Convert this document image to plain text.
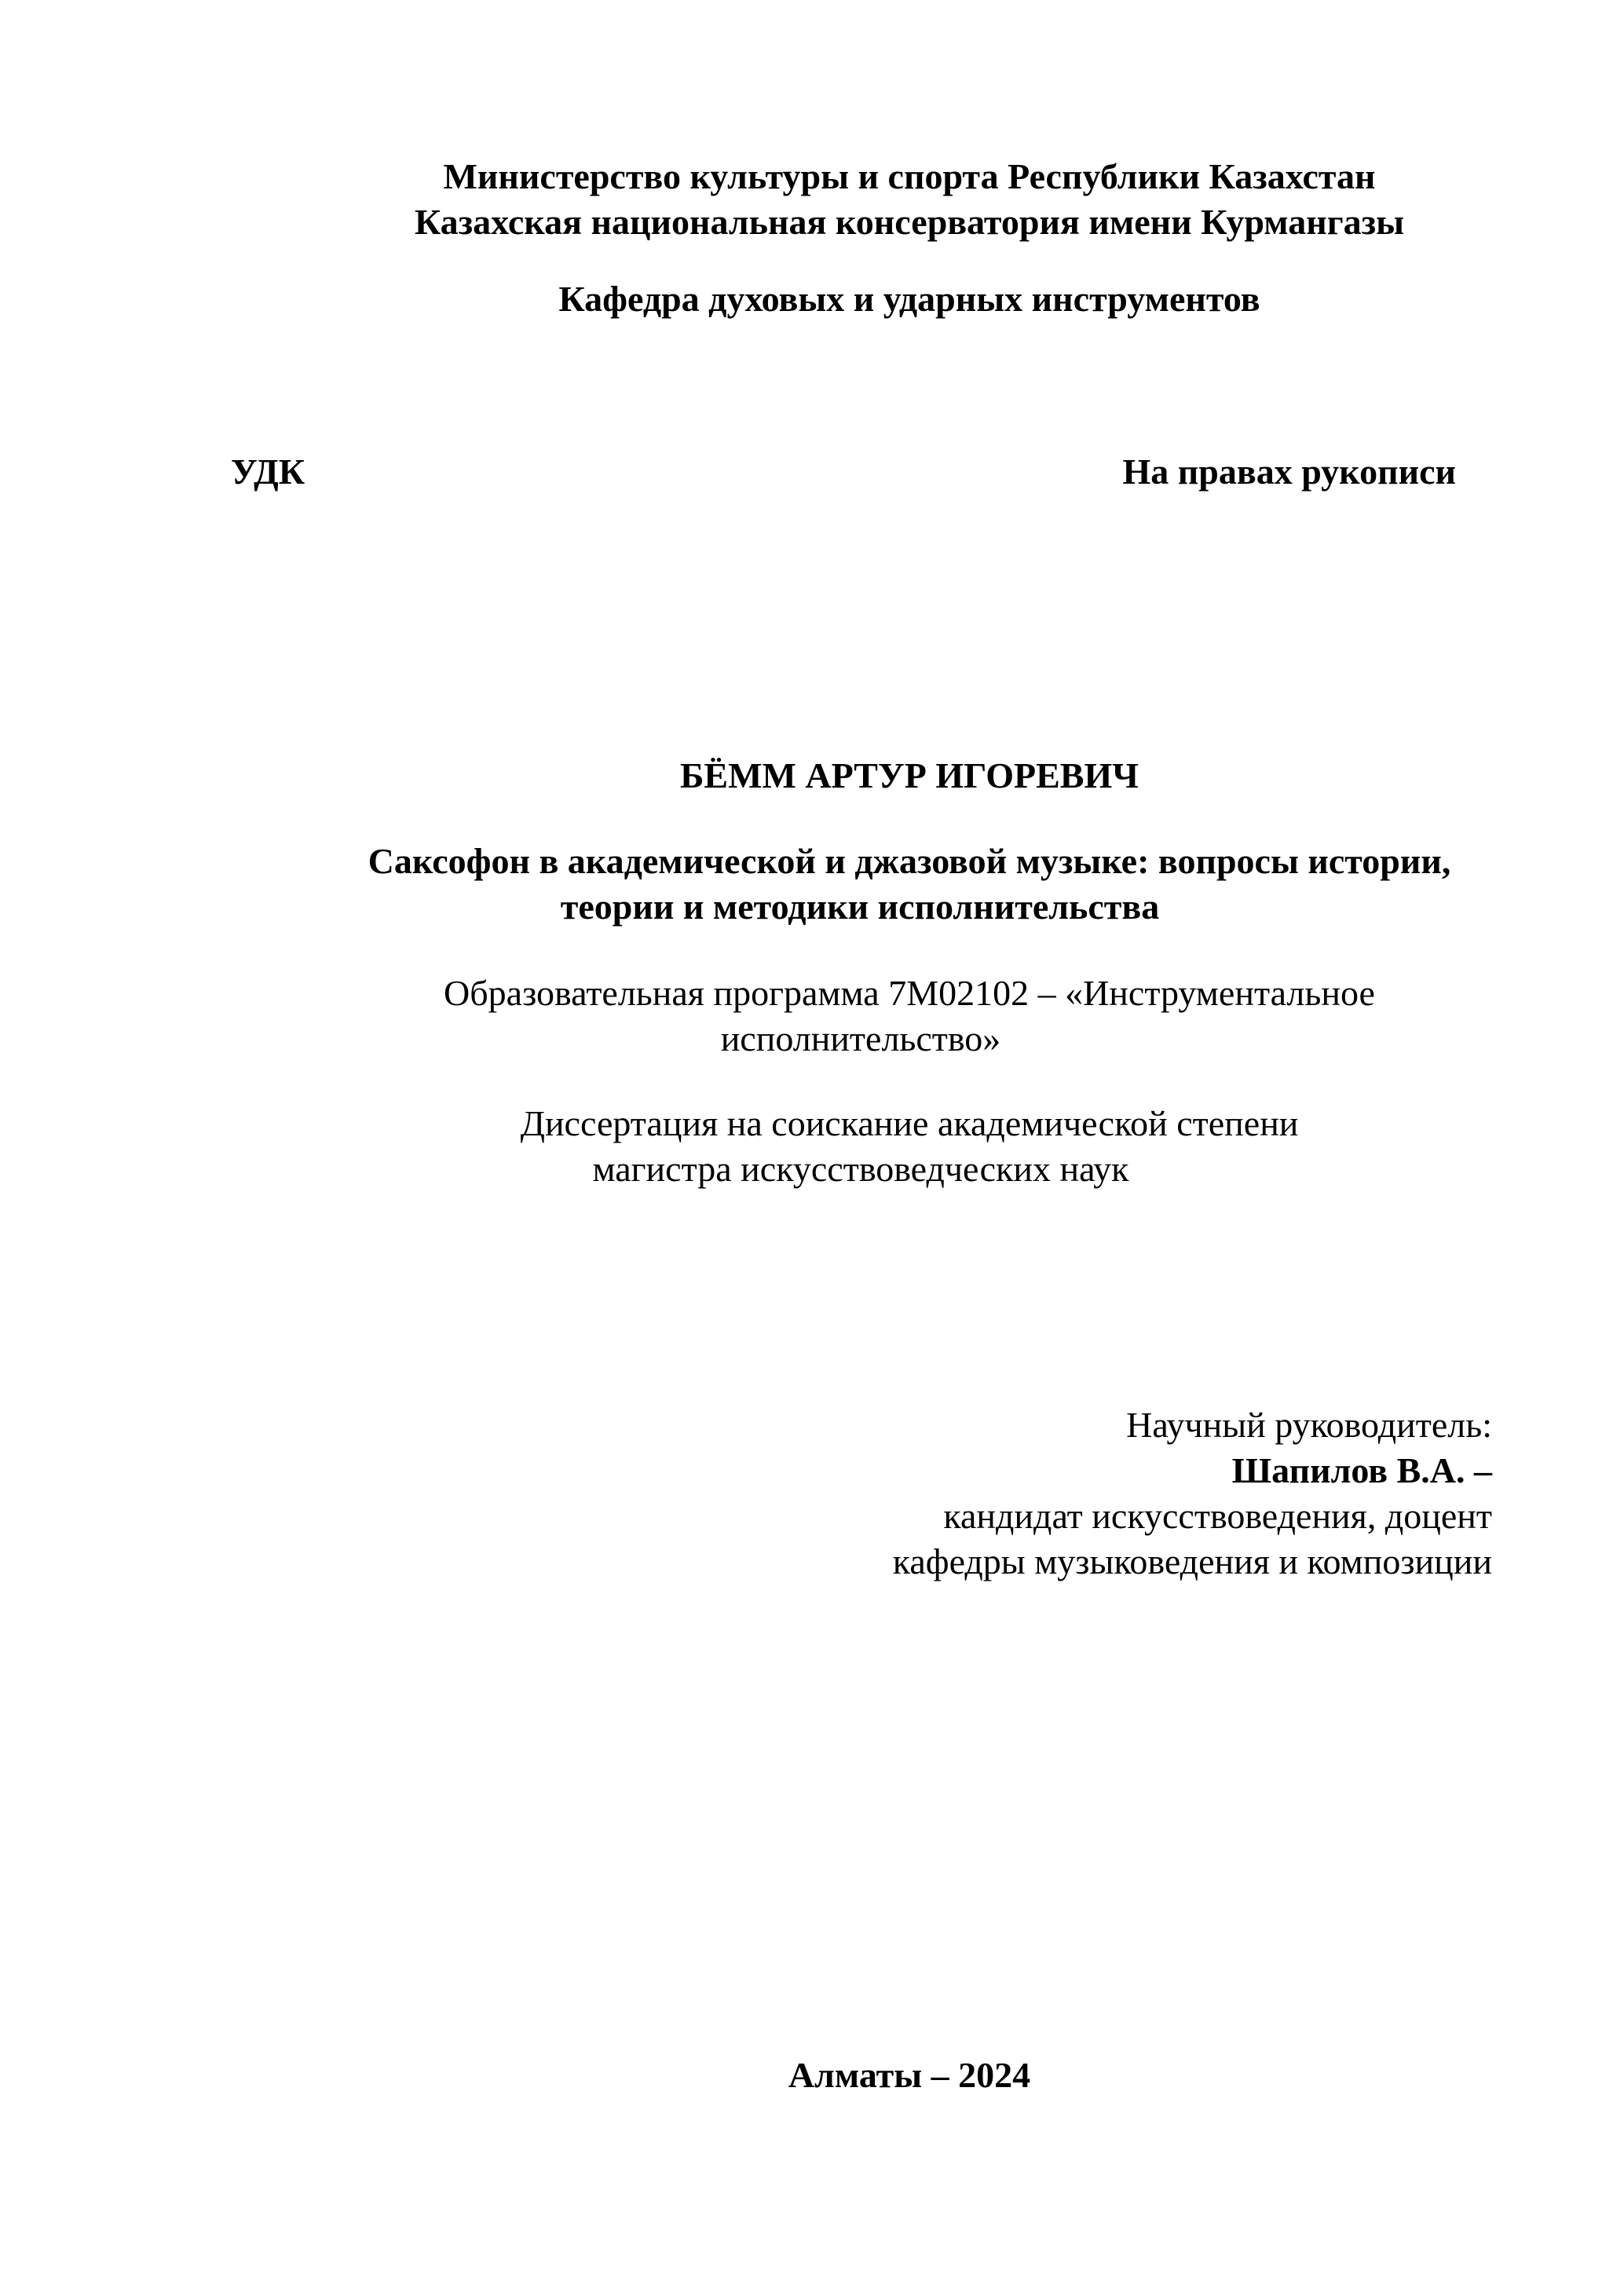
Министерство культуры и спорта Республики Казахстан
Казахская национальная консерватория имени Курмангазы
Кафедра духовых и ударных инструментов
УДК	На правах рукописи
БЁММ АРТУР ИГОРЕВИЧ
Саксофон в академической и джазовой музыке: вопросы истории,
теории и методики исполнительства
Образовательная программа 7М02102 – «Инструментальное
исполнительство»
Диссертация на соискание академической степени
магистра искусствоведческих наук
Научный руководитель:
Шапилов В.А. –
кандидат искусствоведения, доцент
кафедры музыковедения и композиции
Алматы – 2024
